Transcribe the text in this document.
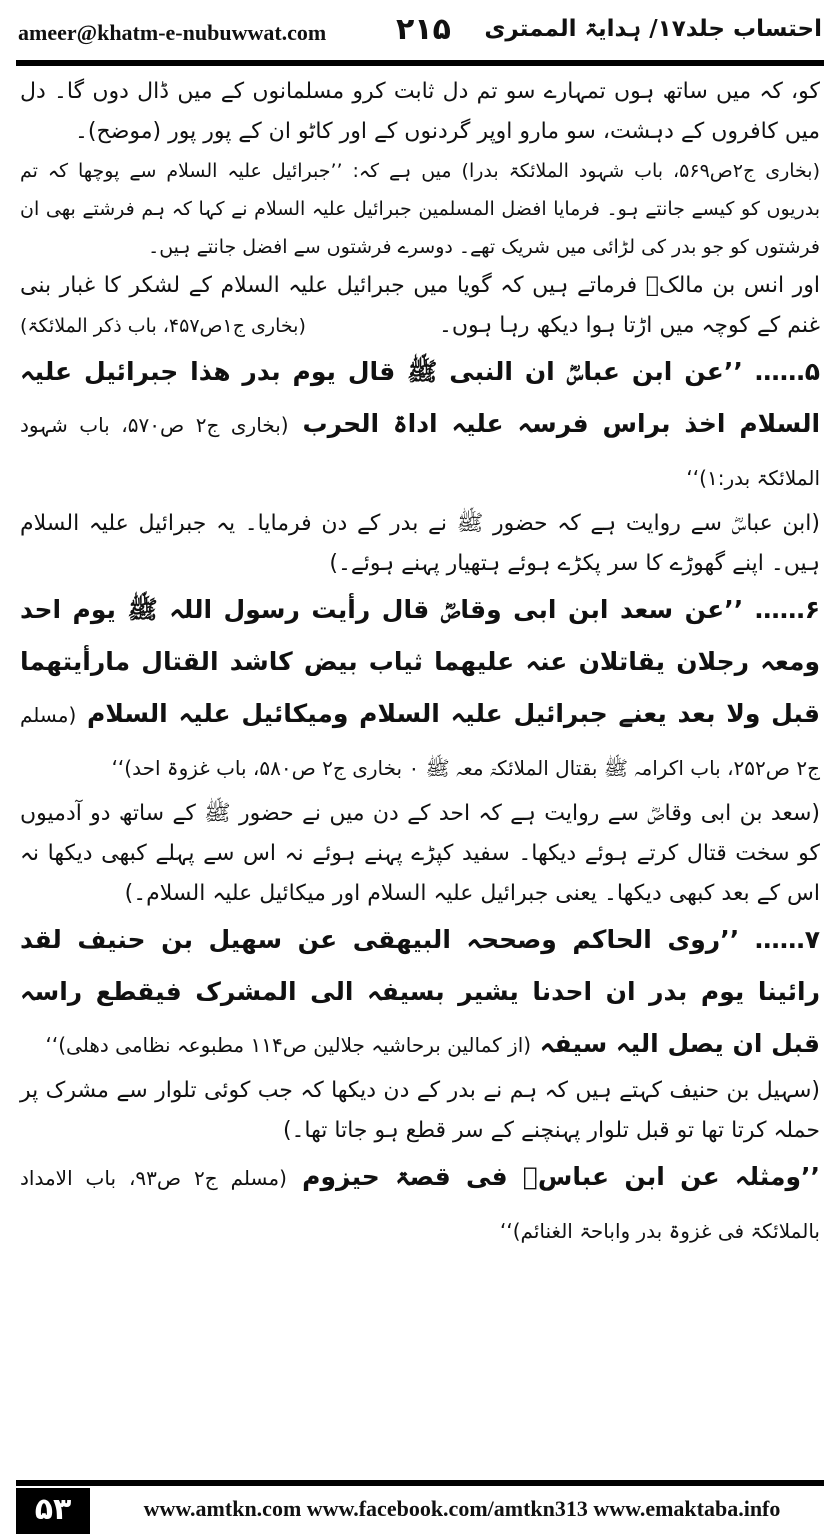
ameer@khatm-e-nubuwwat.com ۲۱۵ احتساب جلد۱۷/ ہدایۃ الممتری

کو، کہ میں ساتھ ہوں تمہارے سو تم دل ثابت کرو مسلمانوں کے میں ڈال دوں گا۔ دل میں کافروں کے دہشت، سو مارو اوپر گردنوں کے اور کاٹو ان کے پور پور (موضح)۔

(بخاری ج۲ص۵۶۹، باب شہود الملائکۃ بدرا) میں ہے کہ: ’’جبرائیل علیہ السلام سے پوچھا کہ تم بدریوں کو کیسے جانتے ہو۔ فرمایا افضل المسلمین جبرائیل علیہ السلام نے کہا کہ ہم فرشتے بھی ان فرشتوں کو جو بدر کی لڑائی میں شریک تھے۔ دوسرے فرشتوں سے افضل جانتے ہیں۔

اور انس بن مالکؓ فرماتے ہیں کہ گویا میں جبرائیل علیہ السلام کے لشکر کا غبار بنی غنم کے کوچہ میں اڑتا ہوا دیکھ رہا ہوں۔
(بخاری ج۱ص۴۵۷، باب ذکر الملائکۃ)

۵…… ’’عن ابن عباسؓ ان النبی ﷺ قال یوم بدر ھذا جبرائیل علیہ السلام اخذ براس فرسہ علیہ اداۃ الحرب (بخاری ج۲ ص۵۷۰، باب شہود الملائکۃ بدر:۱)‘‘

(ابن عباسؓ سے روایت ہے کہ حضور ﷺ نے بدر کے دن فرمایا۔ یہ جبرائیل علیہ السلام ہیں۔ اپنے گھوڑے کا سر پکڑے ہوئے ہتھیار پہنے ہوئے۔)

۶…… ’’عن سعد ابن ابی وقاصؓ قال رأیت رسول اللہ ﷺ یوم احد ومعہ رجلان یقاتلان عنہ علیھما ثیاب بیض کاشد القتال مارأیتھما قبل ولا بعد یعنے جبرائیل علیہ السلام ومیکائیل علیہ السلام (مسلم ج۲ ص۲۵۲، باب اکرامہ ﷺ بقتال الملائکۃ معہ ﷺ ۰ بخاری ج۲ ص۵۸۰، باب غزوۃ احد)‘‘

(سعد بن ابی وقاصؓ سے روایت ہے کہ احد کے دن میں نے حضور ﷺ کے ساتھ دو آدمیوں کو سخت قتال کرتے ہوئے دیکھا۔ سفید کپڑے پہنے ہوئے نہ اس سے پہلے کبھی دیکھا نہ اس کے بعد کبھی دیکھا۔ یعنی جبرائیل علیہ السلام اور میکائیل علیہ السلام۔)

۷…… ’’روی الحاکم وصححہ البیھقی عن سھیل بن حنیف لقد رائینا یوم بدر ان احدنا یشیر بسیفہ الی المشرک فیقطع راسہ قبل ان یصل الیہ سیفہ (از کمالین برحاشیہ جلالین ص۱۱۴ مطبوعہ نظامی دھلی)‘‘

(سہیل بن حنیف کہتے ہیں کہ ہم نے بدر کے دن دیکھا کہ جب کوئی تلوار سے مشرک پر حملہ کرتا تھا تو قبل تلوار پہنچنے کے سر قطع ہو جاتا تھا۔)

’’ومثلہ عن ابن عباسؓ فی قصۃ حیزوم (مسلم ج۲ ص۹۳، باب الامداد بالملائکۃ فی غزوۃ بدر واباحۃ الغنائم)‘‘

۵۳	www.amtkn.com www.facebook.com/amtkn313 www.emaktaba.info
